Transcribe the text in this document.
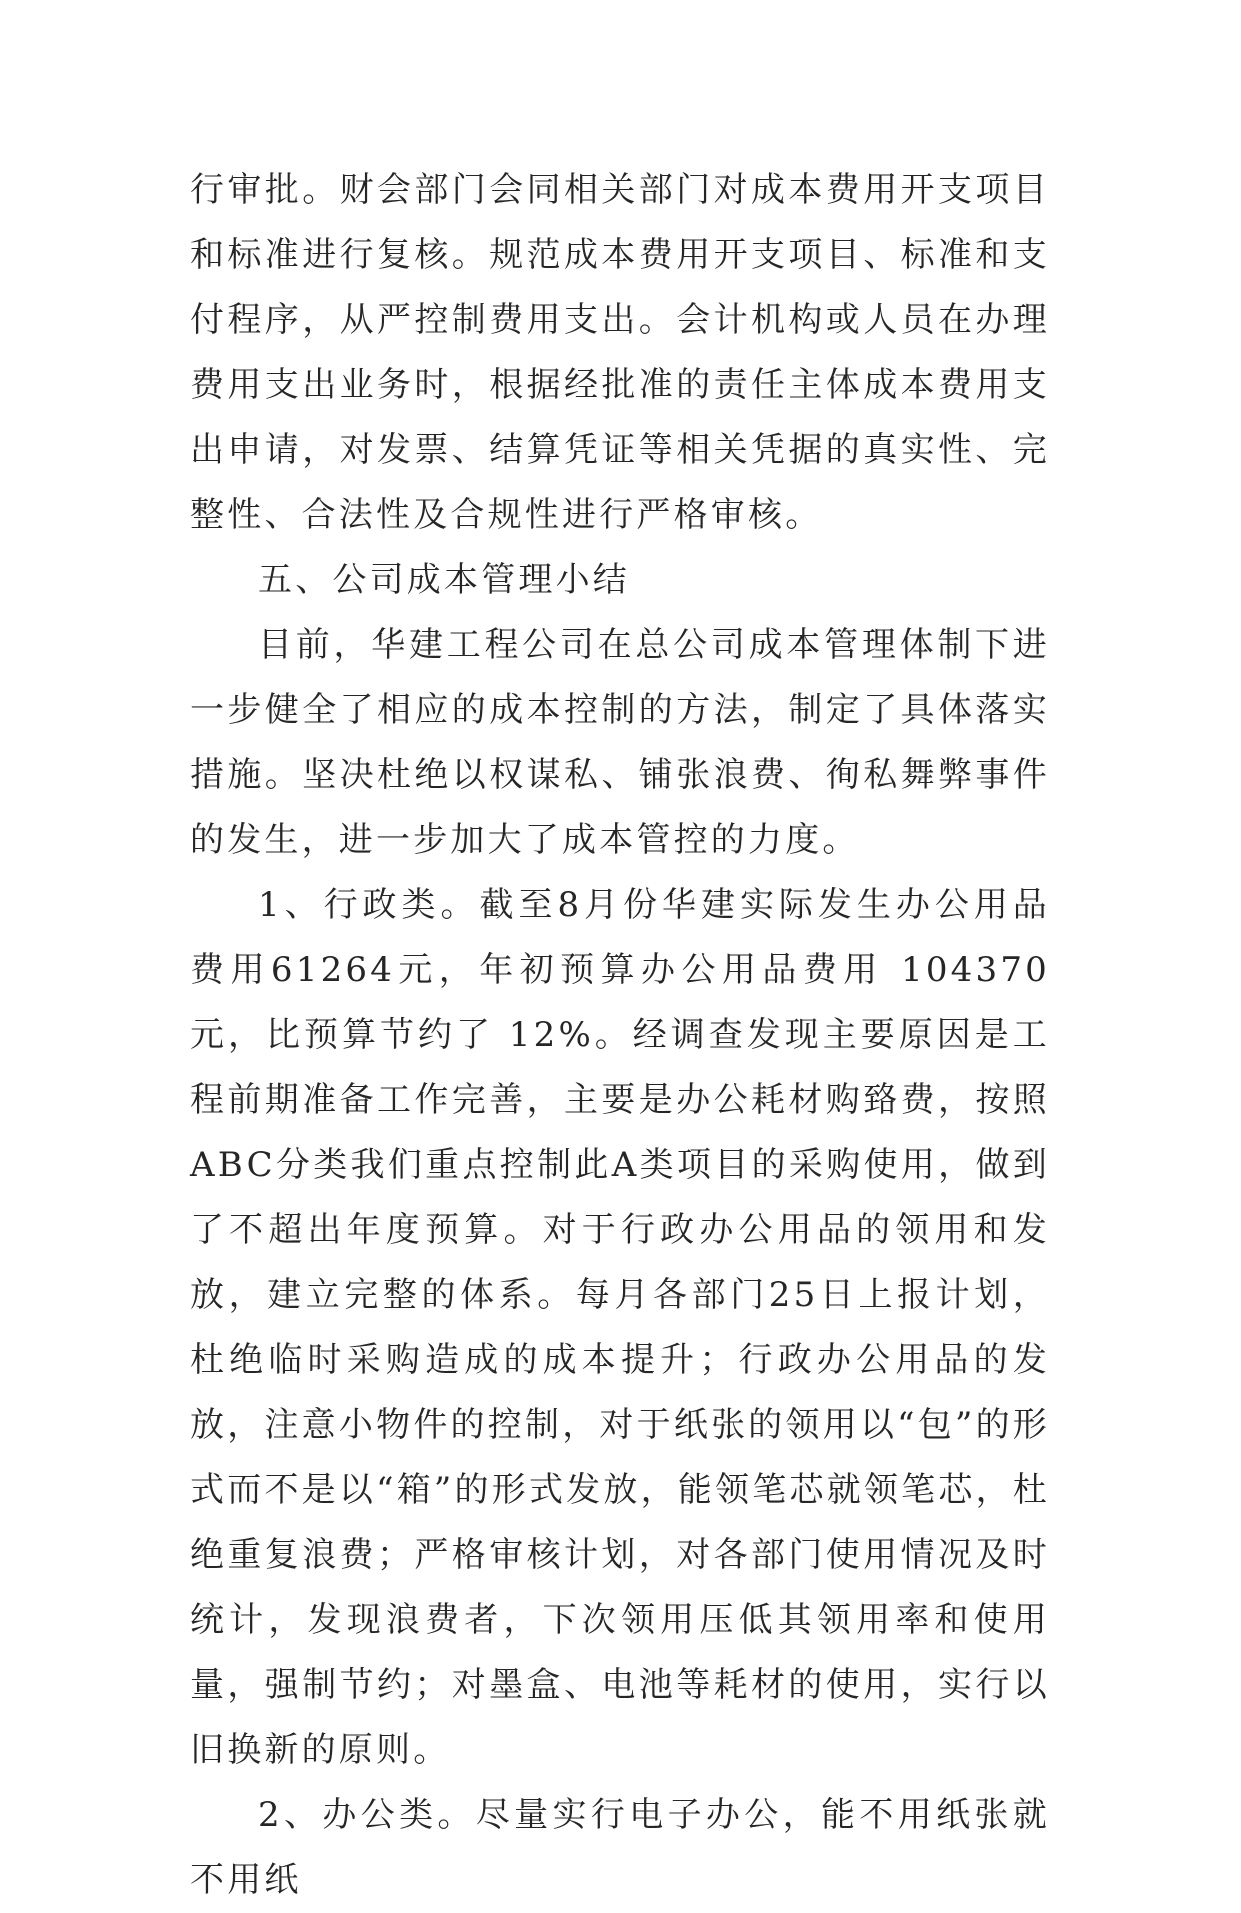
行审批。财会部门会同相关部门对成本费用开支项目和标准进行复核。规范成本费用开支项目、标准和支付程序，从严控制费用支出。会计机构或人员在办理费用支出业务时，根据经批准的责任主体成本费用支出申请，对发票、结算凭证等相关凭据的真实性、完整性、合法性及合规性进行严格审核。

五、公司成本管理小结

目前，华建工程公司在总公司成本管理体制下进一步健全了相应的成本控制的方法，制定了具体落实措施。坚决杜绝以权谋私、铺张浪费、徇私舞弊事件的发生，进一步加大了成本管控的力度。

1、行政类。截至8月份华建实际发生办公用品费用61264元，年初预算办公用品费用 104370 元，比预算节约了 12%。经调查发现主要原因是工程前期准备工作完善，主要是办公耗材购臵费，按照ABC分类我们重点控制此A类项目的采购使用，做到了不超出年度预算。对于行政办公用品的领用和发放，建立完整的体系。每月各部门25日上报计划，杜绝临时采购造成的成本提升；行政办公用品的发放，注意小物件的控制，对于纸张的领用以“包”的形式而不是以“箱”的形式发放，能领笔芯就领笔芯，杜绝重复浪费；严格审核计划，对各部门使用情况及时统计，发现浪费者，下次领用压低其领用率和使用量，强制节约；对墨盒、电池等耗材的使用，实行以旧换新的原则。

2、办公类。尽量实行电子办公，能不用纸张就不用纸
